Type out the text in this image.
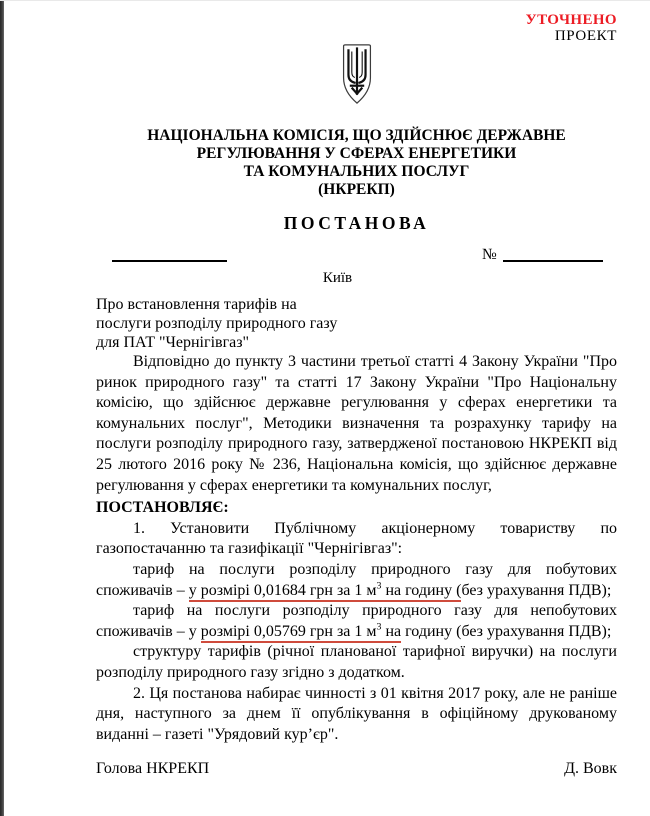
УТОЧНЕНО
ПРОЕКТ
НАЦІОНАЛЬНА КОМІСІЯ, ЩО ЗДІЙСНЮЄ ДЕРЖАВНЕ
РЕГУЛЮВАННЯ У СФЕРАХ ЕНЕРГЕТИКИ
ТА КОМУНАЛЬНИХ ПОСЛУГ
(НКРЕКП)
ПОСТАНОВА
№
Київ
Про встановлення тарифів на
послуги розподілу природного газу
для ПАТ "Чернігівгаз"

Відповідно до пункту 3 частини третьої статті 4 Закону України "Про ринок природного газу" та статті 17 Закону України "Про Національну комісію, що здійснює державне регулювання у сферах енергетики та комунальних послуг", Методики визначення та розрахунку тарифу на послуги розподілу природного газу, затвердженої постановою НКРЕКП від 25 лютого 2016 року № 236, Національна комісія, що здійснює державне регулювання у сферах енергетики та комунальних послуг,

ПОСТАНОВЛЯЄ:

1. Установити Публічному акціонерному товариству по газопостачанню та газифікації "Чернігівгаз":

тариф на послуги розподілу природного газу для побутових споживачів – у розмірі 0,01684 грн за 1 $м^3$ на годину (без урахування ПДВ);

тариф на послуги розподілу природного газу для непобутових споживачів – у розмірі 0,05769 грн за 1 $м^3$ на годину (без урахування ПДВ);

структуру тарифів (річної планованої тарифної виручки) на послуги розподілу природного газу згідно з додатком.

2. Ця постанова набирає чинності з 01 квітня 2017 року, але не раніше дня, наступного за днем її опублікування в офіційному друкованому виданні – газеті "Урядовий кур’єр".

Голова НКРЕКП	Д. Вовк
